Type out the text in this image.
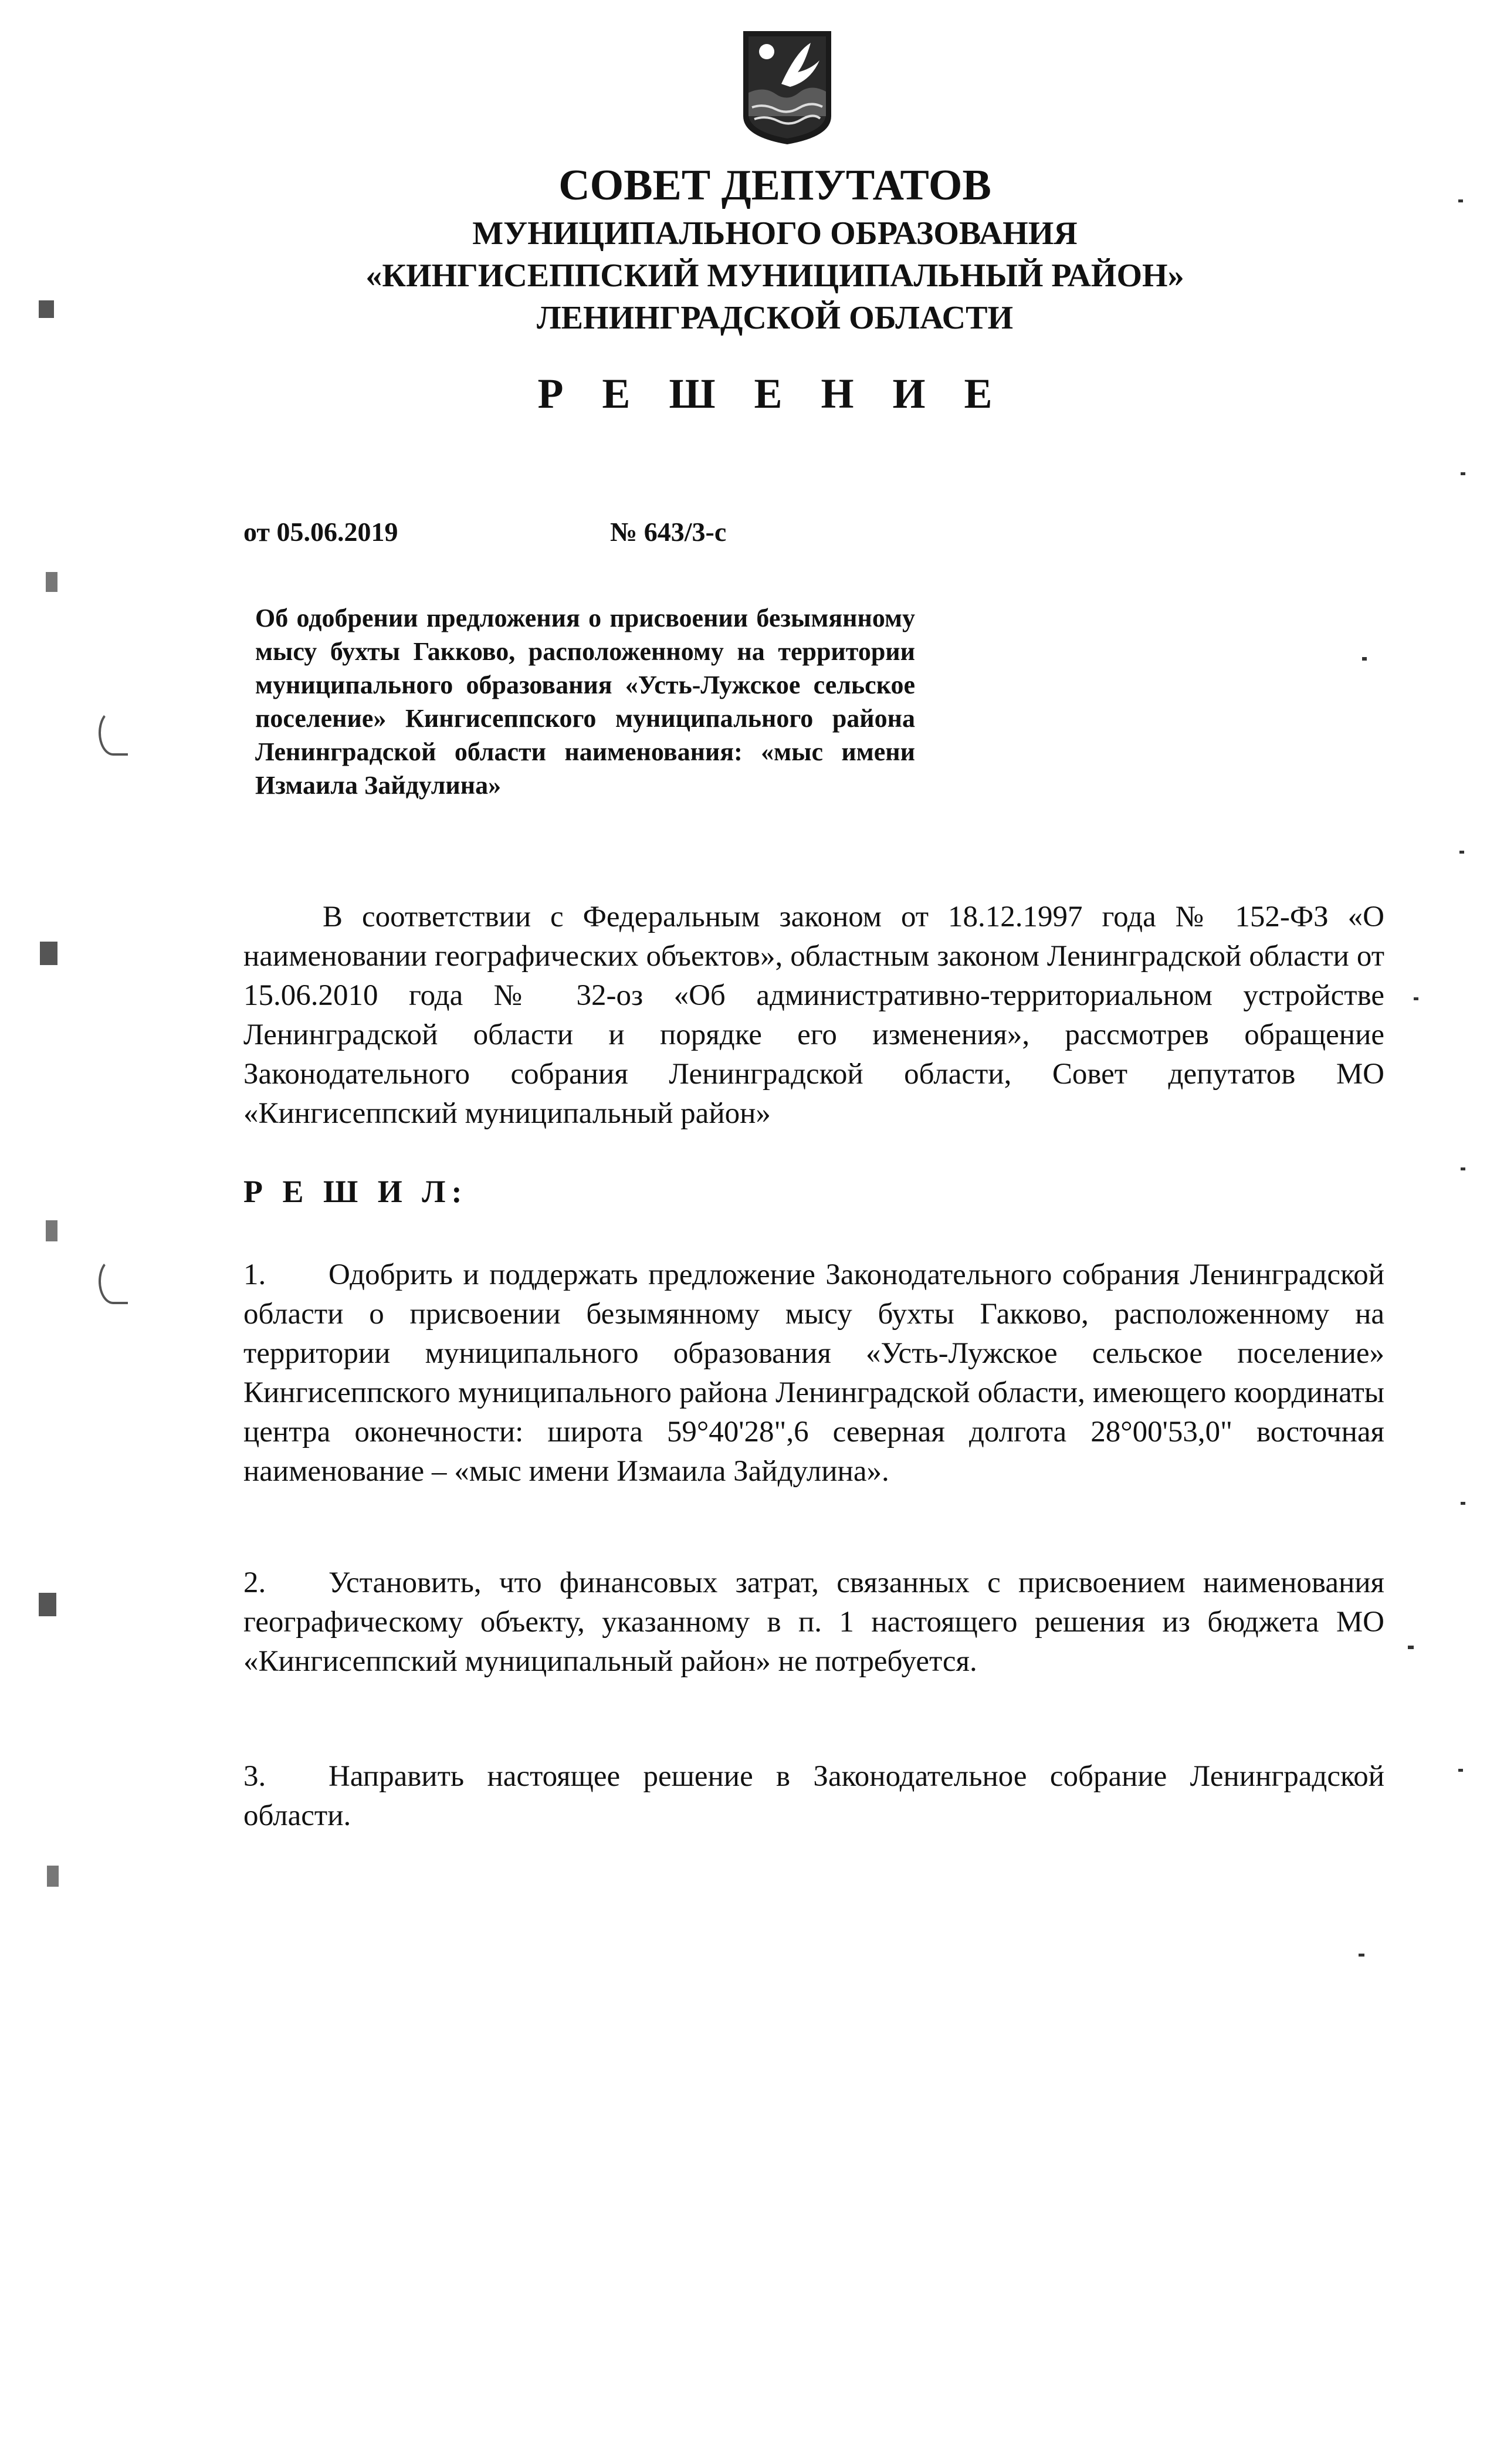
СОВЕТ ДЕПУТАТОВ
МУНИЦИПАЛЬНОГО ОБРАЗОВАНИЯ
«КИНГИСЕППСКИЙ МУНИЦИПАЛЬНЫЙ РАЙОН»
ЛЕНИНГРАДСКОЙ ОБЛАСТИ
Р Е Ш Е Н И Е
от 05.06.2019	№ 643/3-с
Об одобрении предложения о присвоении безымянному мысу бухты Гакково, расположенному на территории муниципального образования «Усть-Лужское сельское поселение» Кингисеппского муниципального района Ленинградской области наименования: «мыс имени Измаила Зайдулина»
В соответствии с Федеральным законом от 18.12.1997 года № 152-ФЗ «О наименовании географических объектов», областным законом Ленинградской области от 15.06.2010 года № 32-оз «Об административно-территориальном устройстве Ленинградской области и порядке его изменения», рассмотрев обращение Законодательного собрания Ленинградской области, Совет депутатов МО «Кингисеппский муниципальный район»
Р Е Ш И Л:
1. Одобрить и поддержать предложение Законодательного собрания Ленинградской области о присвоении безымянному мысу бухты Гакково, расположенному на территории муниципального образования «Усть-Лужское сельское поселение» Кингисеппского муниципального района Ленинградской области, имеющего координаты центра оконечности: широта 59°40'28",6 северная долгота 28°00'53,0" восточная наименование – «мыс имени Измаила Зайдулина».
2. Установить, что финансовых затрат, связанных с присвоением наименования географическому объекту, указанному в п. 1 настоящего решения из бюджета МО «Кингисеппский муниципальный район» не потребуется.
3. Направить настоящее решение в Законодательное собрание Ленинградской области.
